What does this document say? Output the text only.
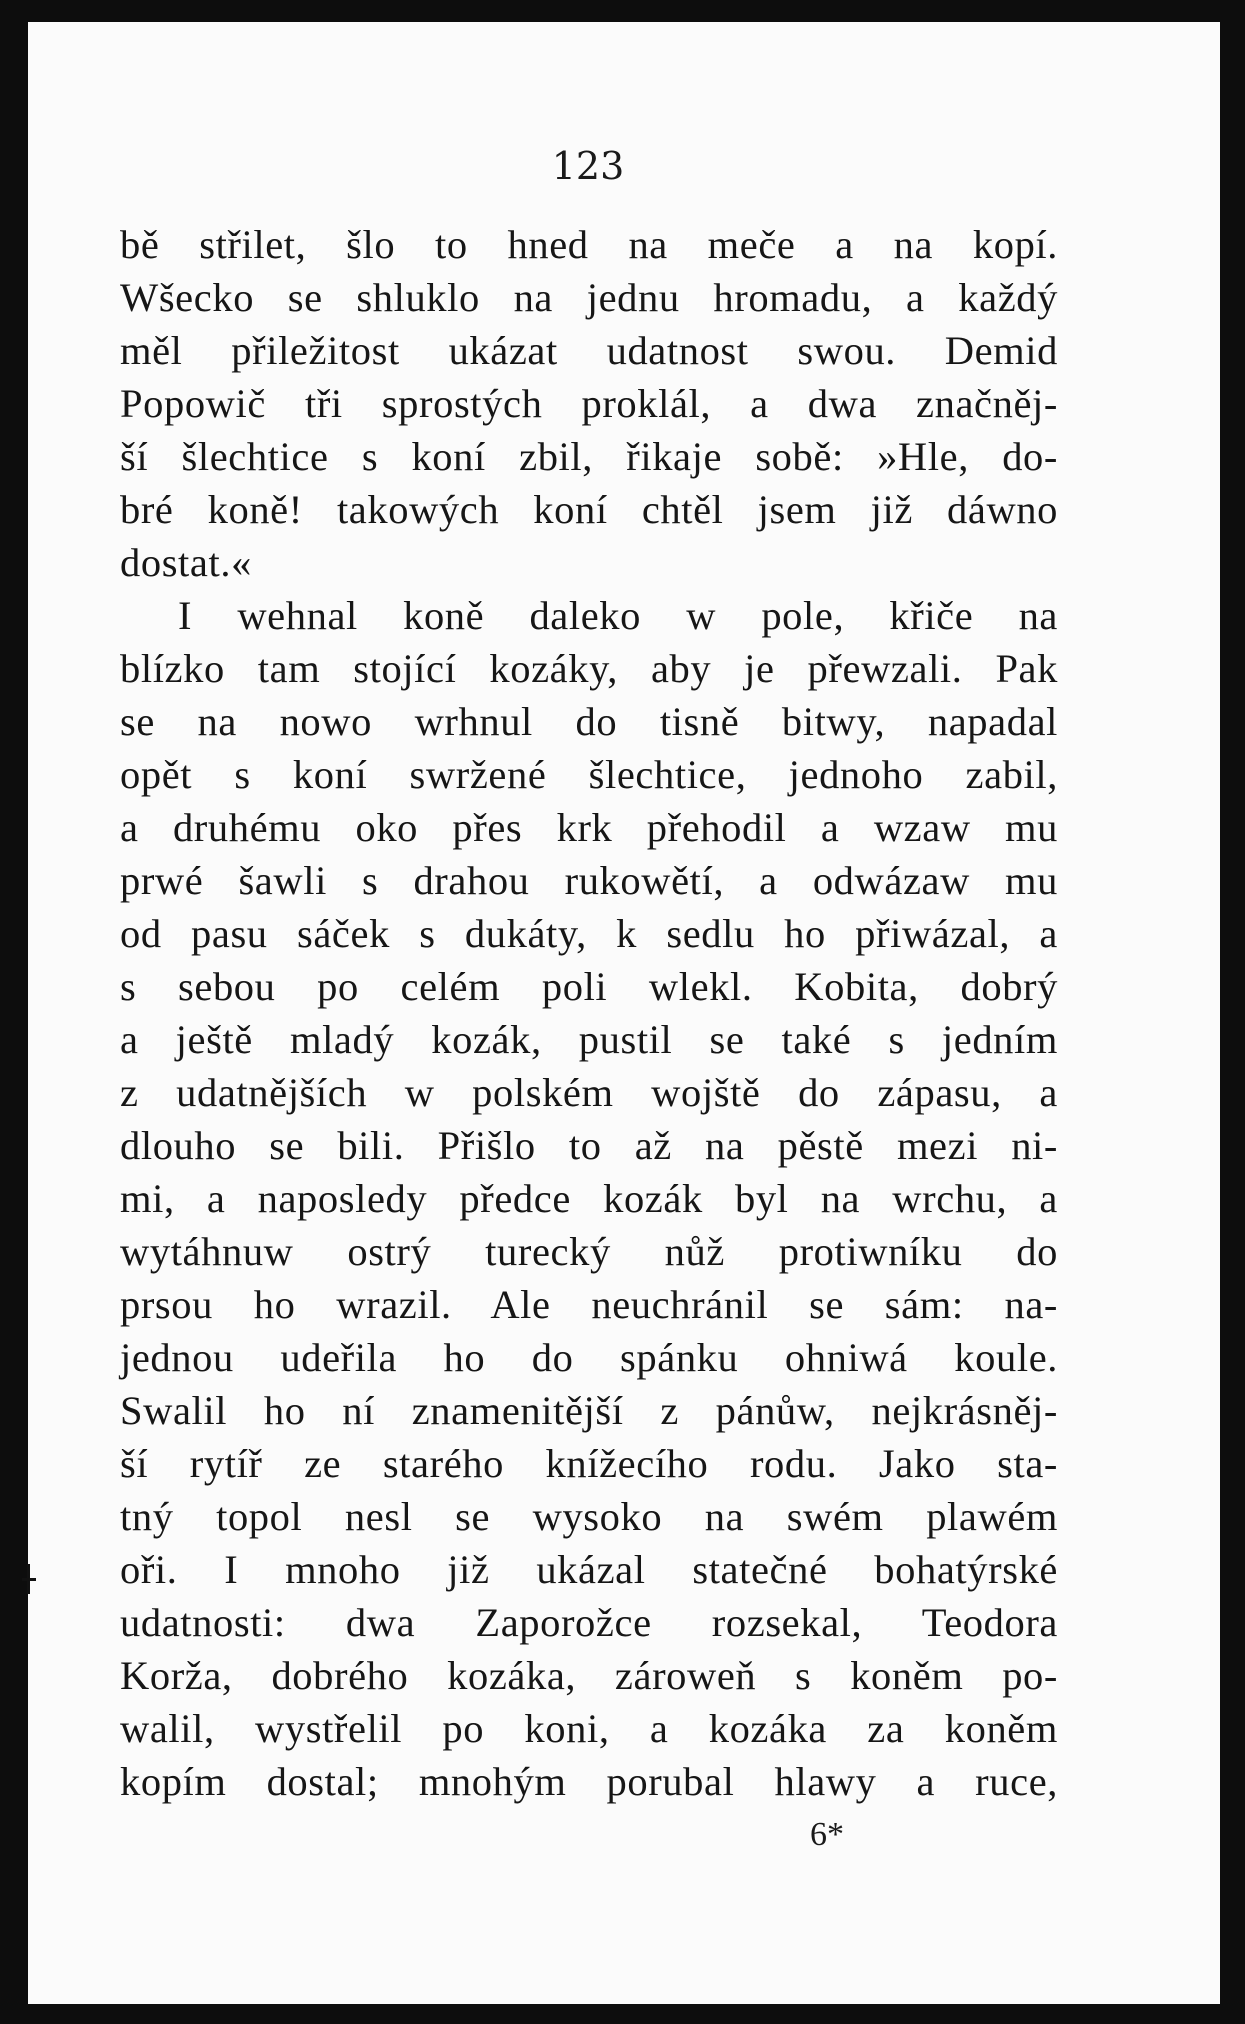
123
bě střilet, šlo to hned na meče a na kopí.
Wšecko se shluklo na jednu hromadu, a každý
měl přiležitost ukázat udatnost swou. Demid
Popowič tři sprostých proklál, a dwa značněj-
ší šlechtice s koní zbil, řikaje sobě: »Hle, do-
bré koně! takowých koní chtěl jsem již dáwno
dostat.«
I wehnal koně daleko w pole, křiče na
blízko tam stojící kozáky, aby je přewzali. Pak
se na nowo wrhnul do tisně bitwy, napadal
opět s koní swržené šlechtice, jednoho zabil,
a druhému oko přes krk přehodil a wzaw mu
prwé šawli s drahou rukowětí, a odwázaw mu
od pasu sáček s dukáty, k sedlu ho přiwázal, a
s sebou po celém poli wlekl. Kobita, dobrý
a ještě mladý kozák, pustil se také s jedním
z udatnějších w polském wojště do zápasu, a
dlouho se bili. Přišlo to až na pěstě mezi ni-
mi, a naposledy předce kozák byl na wrchu, a
wytáhnuw ostrý turecký nůž protiwníku do
prsou ho wrazil. Ale neuchránil se sám: na-
jednou udeřila ho do spánku ohniwá koule.
Swalil ho ní znamenitější z pánůw, nejkrásněj-
ší rytíř ze starého knížecího rodu. Jako sta-
tný topol nesl se wysoko na swém plawém
oři. I mnoho již ukázal statečné bohatýrské
udatnosti: dwa Zaporožce rozsekal, Teodora
Korža, dobrého kozáka, zároweň s koněm po-
walil, wystřelil po koni, a kozáka za koněm
kopím dostal; mnohým porubal hlawy a ruce,
6*
